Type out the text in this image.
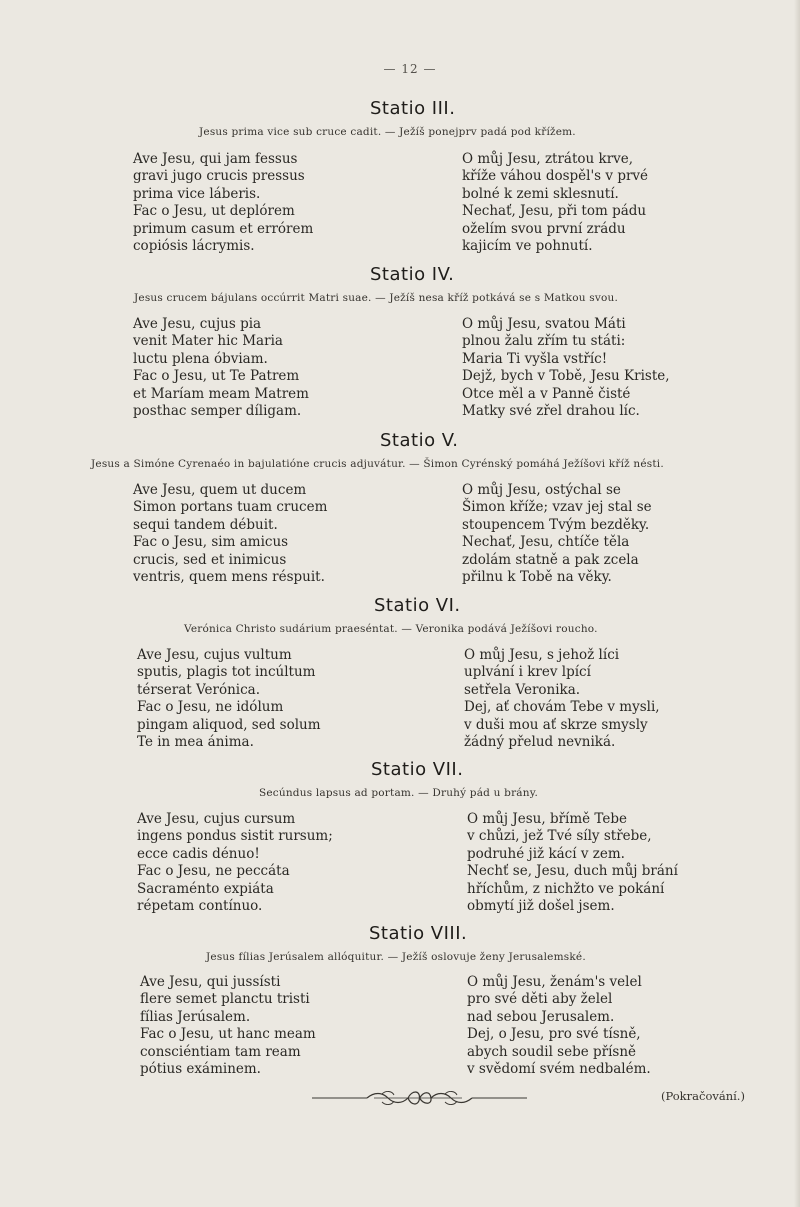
— 12 —
Statio III.
Jesus prima vice sub cruce cadit. — Ježíš ponejprv padá pod křížem.
Ave Jesu, qui jam fessus
gravi jugo crucis pressus
prima vice láberis.
Fac o Jesu, ut deplórem
primum casum et errórem
copiósis lácrymis.
O můj Jesu, ztrátou krve,
kříže váhou dospěl's v prvé
bolné k zemi sklesnutí.
Nechať, Jesu, při tom pádu
oželím svou první zrádu
kajicím ve pohnutí.
Statio IV.
Jesus crucem bájulans occúrrit Matri suae. — Ježíš nesa kříž potkává se s Matkou svou.
Ave Jesu, cujus pia
venit Mater hic Maria
luctu plena óbviam.
Fac o Jesu, ut Te Patrem
et Maríam meam Matrem
posthac semper díligam.
O můj Jesu, svatou Máti
plnou žalu zřím tu státi:
Maria Ti vyšla vstříc!
Dejž, bych v Tobě, Jesu Kriste,
Otce měl a v Panně čisté
Matky své zřel drahou líc.
Statio V.
Jesus a Simóne Cyrenaéo in bajulatióne crucis adjuvátur. — Šimon Cyrénský pomáhá Ježíšovi kříž nésti.
Ave Jesu, quem ut ducem
Simon portans tuam crucem
sequi tandem débuit.
Fac o Jesu, sim amicus
crucis, sed et inimicus
ventris, quem mens réspuit.
O můj Jesu, ostýchal se
Šimon kříže; vzav jej stal se
stoupencem Tvým bezděky.
Nechať, Jesu, chtíče těla
zdolám statně a pak zcela
přilnu k Tobě na věky.
Statio VI.
Verónica Christo sudárium praeséntat. — Veronika podává Ježíšovi roucho.
Ave Jesu, cujus vultum
sputis, plagis tot incúltum
térserat Verónica.
Fac o Jesu, ne idólum
pingam aliquod, sed solum
Te in mea ánima.
O můj Jesu, s jehož líci
uplvání i krev lpící
setřela Veronika.
Dej, ať chovám Tebe v mysli,
v duši mou ať skrze smysly
žádný přelud nevniká.
Statio VII.
Secúndus lapsus ad portam. — Druhý pád u brány.
Ave Jesu, cujus cursum
ingens pondus sistit rursum;
ecce cadis dénuo!
Fac o Jesu, ne peccáta
Sacraménto expiáta
répetam contínuo.
O můj Jesu, břímě Tebe
v chůzi, jež Tvé síly střebe,
podruhé již kácí v zem.
Nechť se, Jesu, duch můj brání
hříchům, z nichžto ve pokání
obmytí již došel jsem.
Statio VIII.
Jesus fílias Jerúsalem allóquitur. — Ježíš oslovuje ženy Jerusalemské.
Ave Jesu, qui jussísti
flere semet planctu tristi
fílias Jerúsalem.
Fac o Jesu, ut hanc meam
consciéntiam tam ream
pótius exáminem.
O můj Jesu, ženám's velel
pro své děti aby želel
nad sebou Jerusalem.
Dej, o Jesu, pro své tísně,
abych soudil sebe přísně
v svědomí svém nedbalém.
(Pokračování.)
